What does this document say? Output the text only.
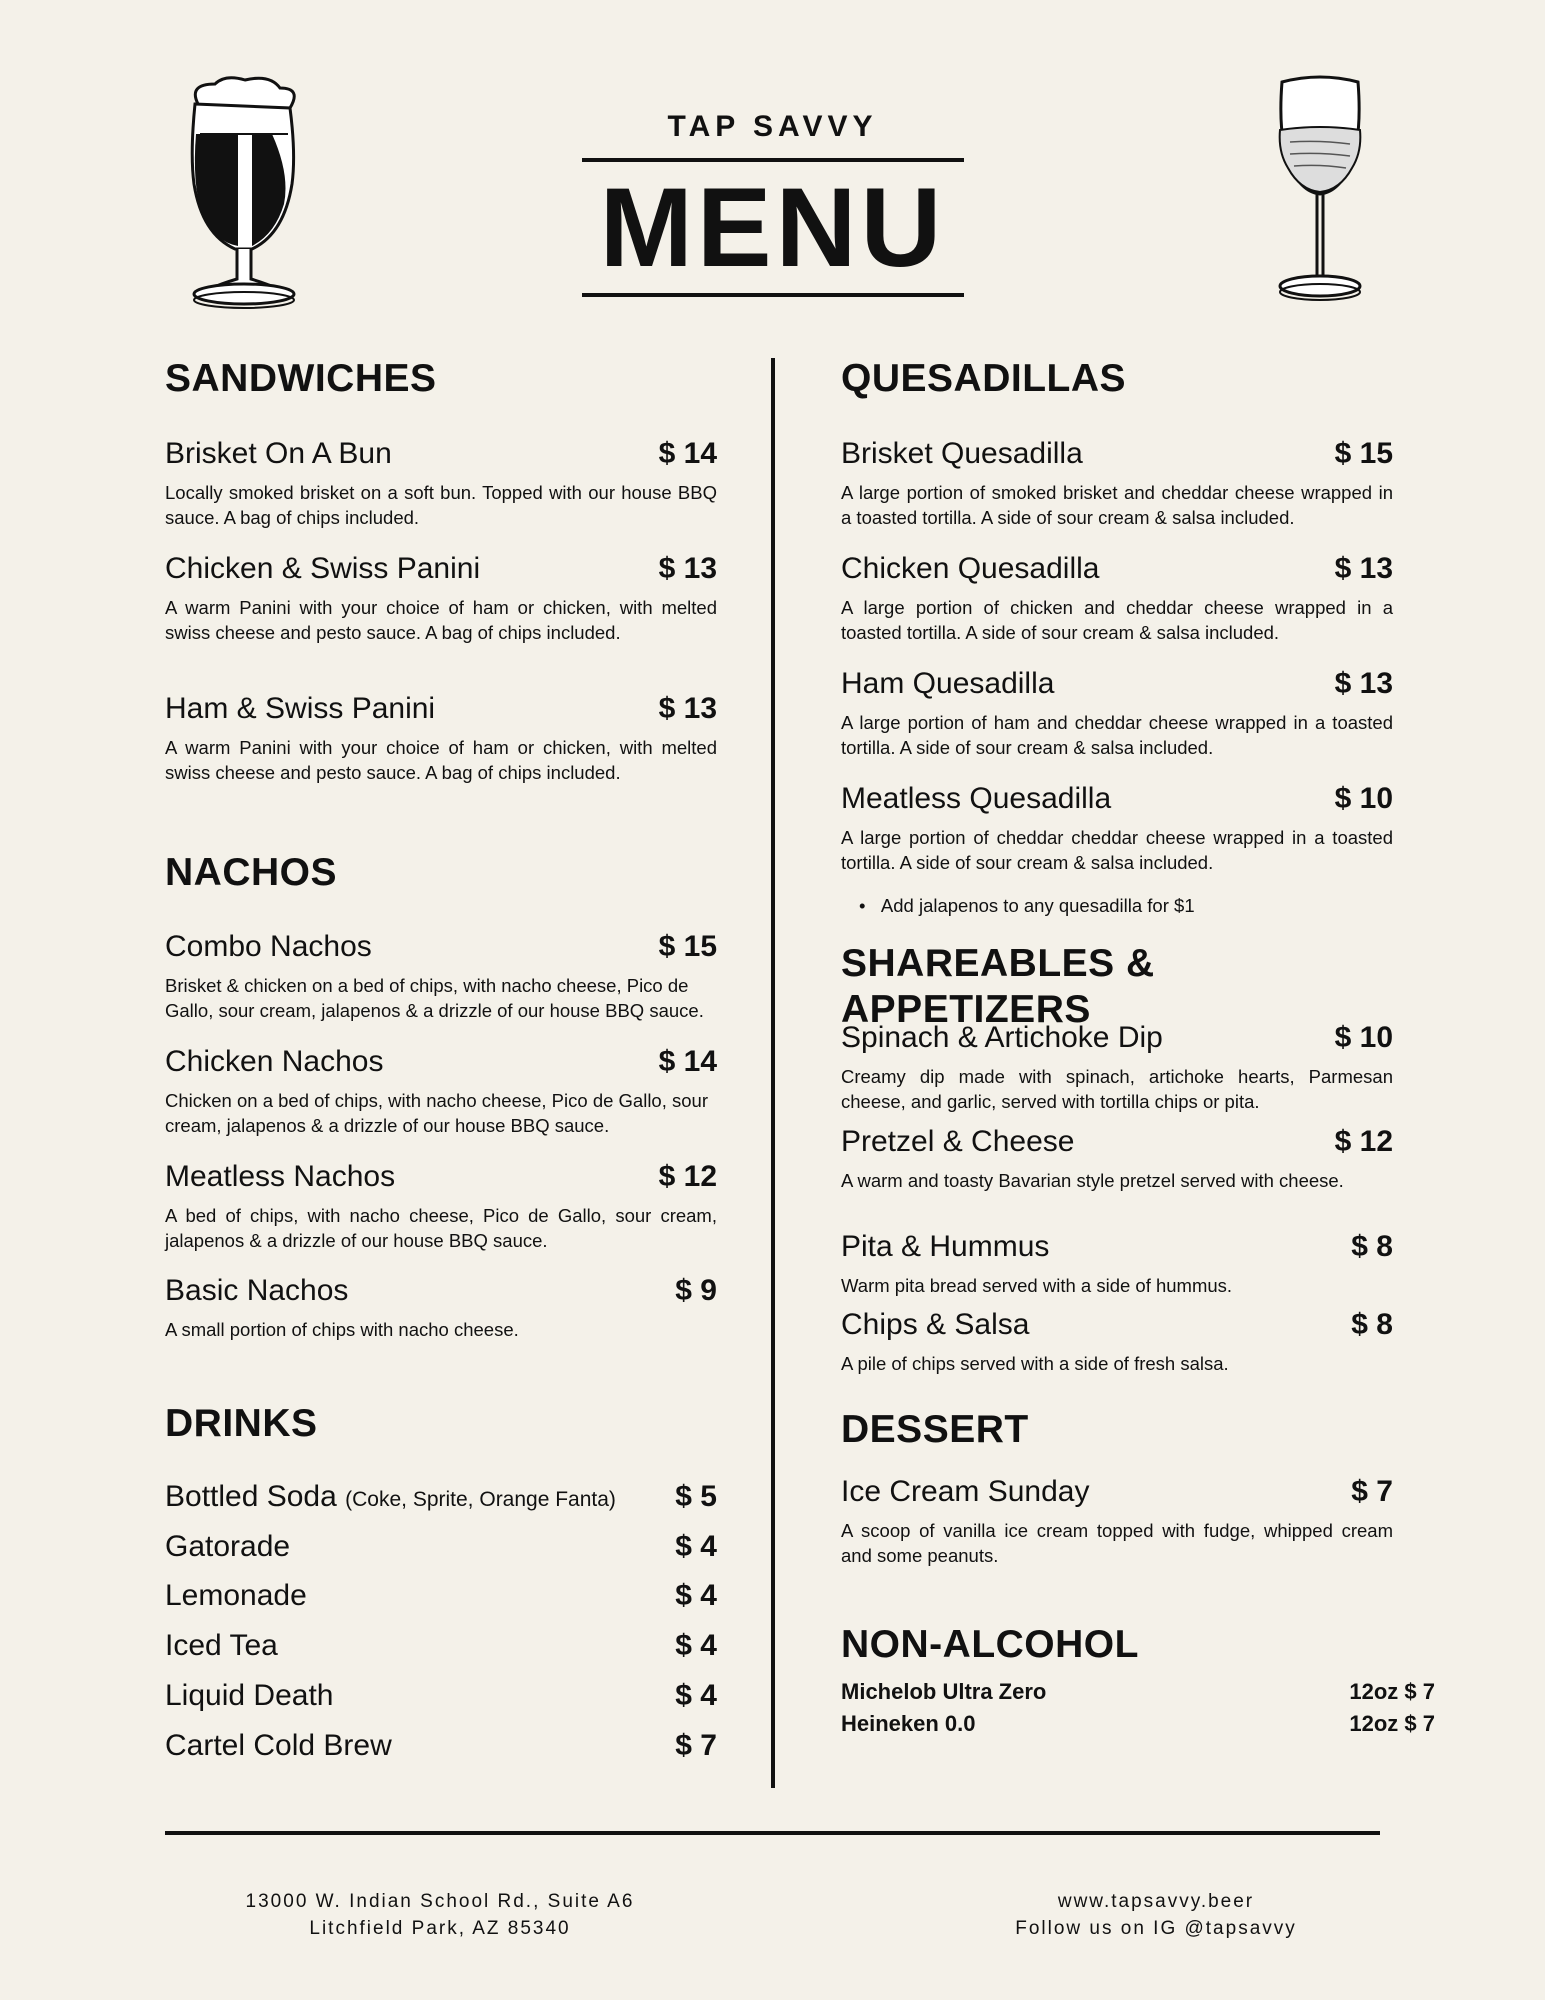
TAP SAVVY
MENU
SANDWICHES
Brisket On A Bun	$ 14
Locally smoked brisket on a soft bun. Topped with our house BBQ sauce. A bag of chips included.
Chicken & Swiss Panini	$ 13
A warm Panini with your choice of ham or chicken, with melted swiss cheese and pesto sauce. A bag of chips included.
Ham & Swiss Panini	$ 13
A warm Panini with your choice of ham or chicken, with melted swiss cheese and pesto sauce. A bag of chips included.
NACHOS
Combo Nachos	$ 15
Brisket & chicken on a bed of chips, with nacho cheese, Pico de Gallo, sour cream, jalapenos & a drizzle of our house BBQ sauce.
Chicken Nachos	$ 14
Chicken on a bed of chips, with nacho cheese, Pico de Gallo, sour cream, jalapenos & a drizzle of our house BBQ sauce.
Meatless Nachos	$ 12
A bed of chips, with nacho cheese, Pico de Gallo, sour cream, jalapenos & a drizzle of our house BBQ sauce.
Basic Nachos	$ 9
A small portion of chips with nacho cheese.
DRINKS
Bottled Soda (Coke, Sprite, Orange Fanta) $ 5
Gatorade	$ 4
Lemonade	$ 4
Iced Tea	$ 4
Liquid Death	$ 4
Cartel Cold Brew	$ 7
QUESADILLAS
Brisket Quesadilla	$ 15
A large portion of smoked brisket and cheddar cheese wrapped in a toasted tortilla. A side of sour cream & salsa included.
Chicken Quesadilla	$ 13
A large portion of chicken and cheddar cheese wrapped in a toasted tortilla. A side of sour cream & salsa included.
Ham Quesadilla	$ 13
A large portion of ham and cheddar cheese wrapped in a toasted tortilla. A side of sour cream & salsa included.
Meatless Quesadilla	$ 10
A large portion of cheddar cheddar cheese wrapped in a toasted tortilla. A side of sour cream & salsa included.
•   Add jalapenos to any quesadilla for $1
SHAREABLES & APPETIZERS
Spinach & Artichoke Dip	$ 10
Creamy dip made with spinach, artichoke hearts, Parmesan cheese, and garlic, served with tortilla chips or pita.
Pretzel & Cheese	$ 12
A warm and toasty Bavarian style pretzel served with cheese.
Pita & Hummus	$ 8
Warm pita bread served with a side of hummus.
Chips & Salsa	$ 8
A pile of chips served with a side of fresh salsa.
DESSERT
Ice Cream Sunday	$ 7
A scoop of vanilla ice cream topped with fudge, whipped cream and some peanuts.
NON-ALCOHOL
Michelob Ultra Zero	12oz $ 7
Heineken 0.0	12oz $ 7
13000 W. Indian School Rd., Suite A6
Litchfield Park, AZ 85340
www.tapsavvy.beer
Follow us on IG @tapsavvy
